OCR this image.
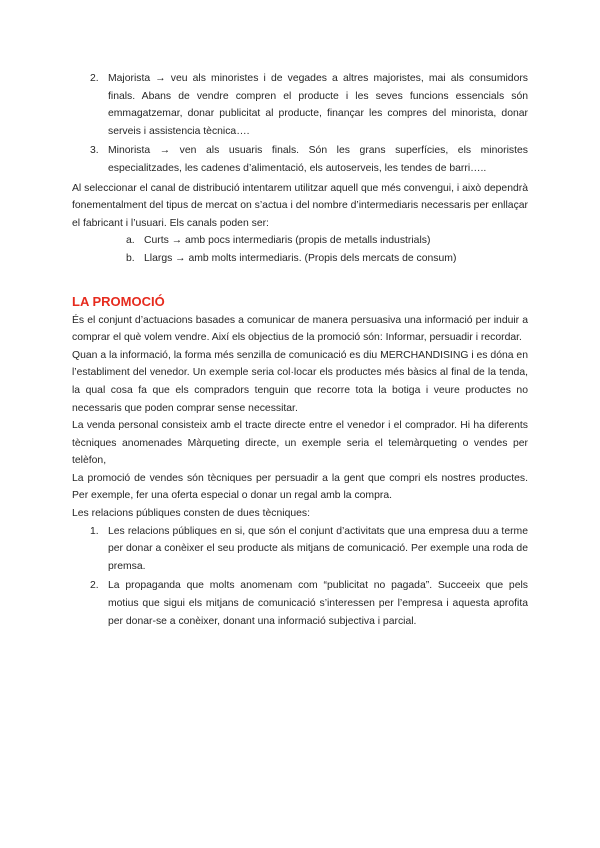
2. Majorista → veu als minoristes i de vegades a altres majoristes, mai als consumidors finals. Abans de vendre compren el producte i les seves funcions essencials són emmagatzemar, donar publicitat al producte, finançar les compres del minorista, donar serveis i assistencia tècnica….
3. Minorista → ven als usuaris finals. Són les grans superfícies, els minoristes especialitzades, les cadenes d’alimentació, els autoserveis, les tendes de barri…..

Al seleccionar el canal de distribució intentarem utilitzar aquell que més convengui, i això dependrà fonementalment del tipus de mercat on s’actua i del nombre d’intermediaris necessaris per enllaçar el fabricant i l’usuari. Els canals poden ser:

a. Curts → amb pocs intermediaris (propis de metalls industrials)
b. Llargs → amb molts intermediaris. (Propis dels mercats de consum)
LA PROMOCIÓ

És el conjunt d’actuacions basades a comunicar de manera persuasiva una informació per induir a comprar el què volem vendre. Així els objectius de la promoció són: Informar, persuadir i recordar.

Quan a la informació, la forma més senzilla de comunicació es diu MERCHANDISING i es dóna en l’establiment del venedor. Un exemple seria col·locar els productes més bàsics al final de la tenda, la qual cosa fa que els compradors tenguin que recorre tota la botiga i veure productes no necessaris que poden comprar sense necessitar.

La venda personal consisteix amb el tracte directe entre el venedor i el comprador. Hi ha diferents tècniques anomenades Màrqueting directe, un exemple seria el telemàrqueting o vendes per telèfon,

La promoció de vendes són tècniques per persuadir a la gent que compri els nostres productes. Per exemple, fer una oferta especial o donar un regal amb la compra.

Les relacions públiques consten de dues tècniques:

1. Les relacions públiques en si, que són el conjunt d’activitats que una empresa duu a terme per donar a conèixer el seu producte als mitjans de comunicació. Per exemple una roda de premsa.
2. La propaganda que molts anomenam com “publicitat no pagada”. Succeeix que pels motius que sigui els mitjans de comunicació s’interessen per l’empresa i aquesta aprofita per donar-se a conèixer, donant una informació subjectiva i parcial.
